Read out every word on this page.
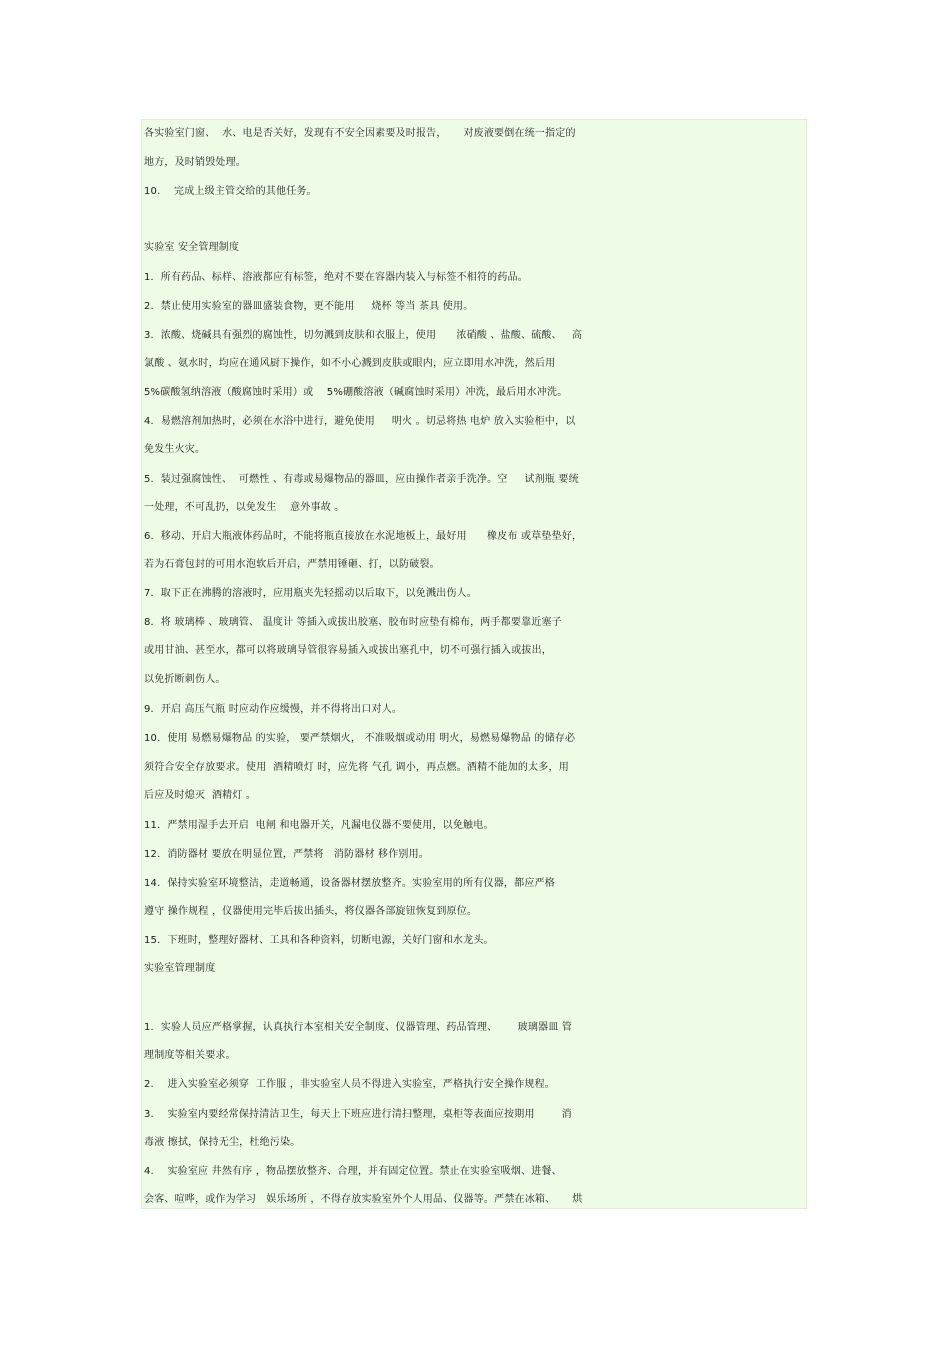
各实验室门窗、  水、电是否关好，发现有不安全因素要及时报告，     对废液要倒在统一指定的
地方，及时销毁处理。
10.    完成上级主管交给的其他任务。
实验室 安全管理制度
1．所有药品、标样、溶液都应有标签，绝对不要在容器内装入与标签不相符的药品。
2．禁止使用实验室的器皿盛装食物，更不能用     烧杯 等当 茶具 使用。
3．浓酸、烧碱具有强烈的腐蚀性，切勿溅到皮肤和衣服上，使用      浓硝酸 、盐酸、硫酸、   高
氯酸 、氨水时，均应在通风厨下操作，如不小心溅到皮肤或眼内，应立即用水冲洗，然后用
5%碳酸氢纳溶液（酸腐蚀时采用）或    5%硼酸溶液（碱腐蚀时采用）冲洗，最后用水冲洗。
4．易燃溶剂加热时，必须在水浴中进行，避免使用     明火 。切忌将热 电炉 放入实验柜中，以
免发生火灾。
5．装过强腐蚀性、  可燃性 、有毒或易爆物品的器皿，应由操作者亲手洗净。空     试剂瓶 要统
一处理，不可乱扔，以免发生    意外事故 。
6．移动、开启大瓶液体药品时，不能将瓶直接放在水泥地板上，最好用      橡皮布 或草垫垫好，
若为石膏包封的可用水泡软后开启，严禁用锤砸、打，以防破裂。
7．取下正在沸腾的溶液时，应用瓶夹先轻摇动以后取下，以免溅出伤人。
8．将 玻璃棒 、玻璃管、 温度计 等插入或拔出胶塞、胶布时应垫有棉布，两手都要靠近塞子
或用甘油、甚至水，都可以将玻璃导管很容易插入或拔出塞孔中，切不可强行插入或拔出，
以免折断刺伤人。
9．开启 高压气瓶 时应动作应缓慢，并不得将出口对人。
10．使用 易燃易爆物品 的实验， 要严禁烟火， 不准吸烟或动用 明火，易燃易爆物品 的储存必
须符合安全存放要求。使用  酒精喷灯 时，应先将 气孔 调小，再点燃。酒精不能加的太多，用
后应及时熄灭  酒精灯 。
11．严禁用湿手去开启  电闸 和电器开关，凡漏电仪器不要使用，以免触电。
12．消防器材 要放在明显位置，严禁将   消防器材 移作别用。
14．保持实验室环境整洁，走道畅通，设备器材摆放整齐。实验室用的所有仪器，都应严格
遵守 操作规程 ，仪器使用完毕后拔出插头，将仪器各部旋钮恢复到原位。
15．下班时，整理好器材、工具和各种资料，切断电源，关好门窗和水龙头。
实验室管理制度
1．实验人员应严格掌握，认真执行本室相关安全制度、仪器管理、药品管理、      玻璃器皿 管
理制度等相关要求。
2.    进入实验室必须穿  工作服 ，非实验室人员不得进入实验室，严格执行安全操作规程。
3.    实验室内要经常保持清洁卫生，每天上下班应进行清扫整理，桌柜等表面应按期用        消
毒液 擦拭，保持无尘，杜绝污染。
4.    实验室应 井然有序 ，物品摆放整齐、合理，并有固定位置。禁止在实验室吸烟、进餐、
会客、喧哗，或作为学习   娱乐场所 ，不得存放实验室外个人用品、仪器等。严禁在冰箱、     烘
